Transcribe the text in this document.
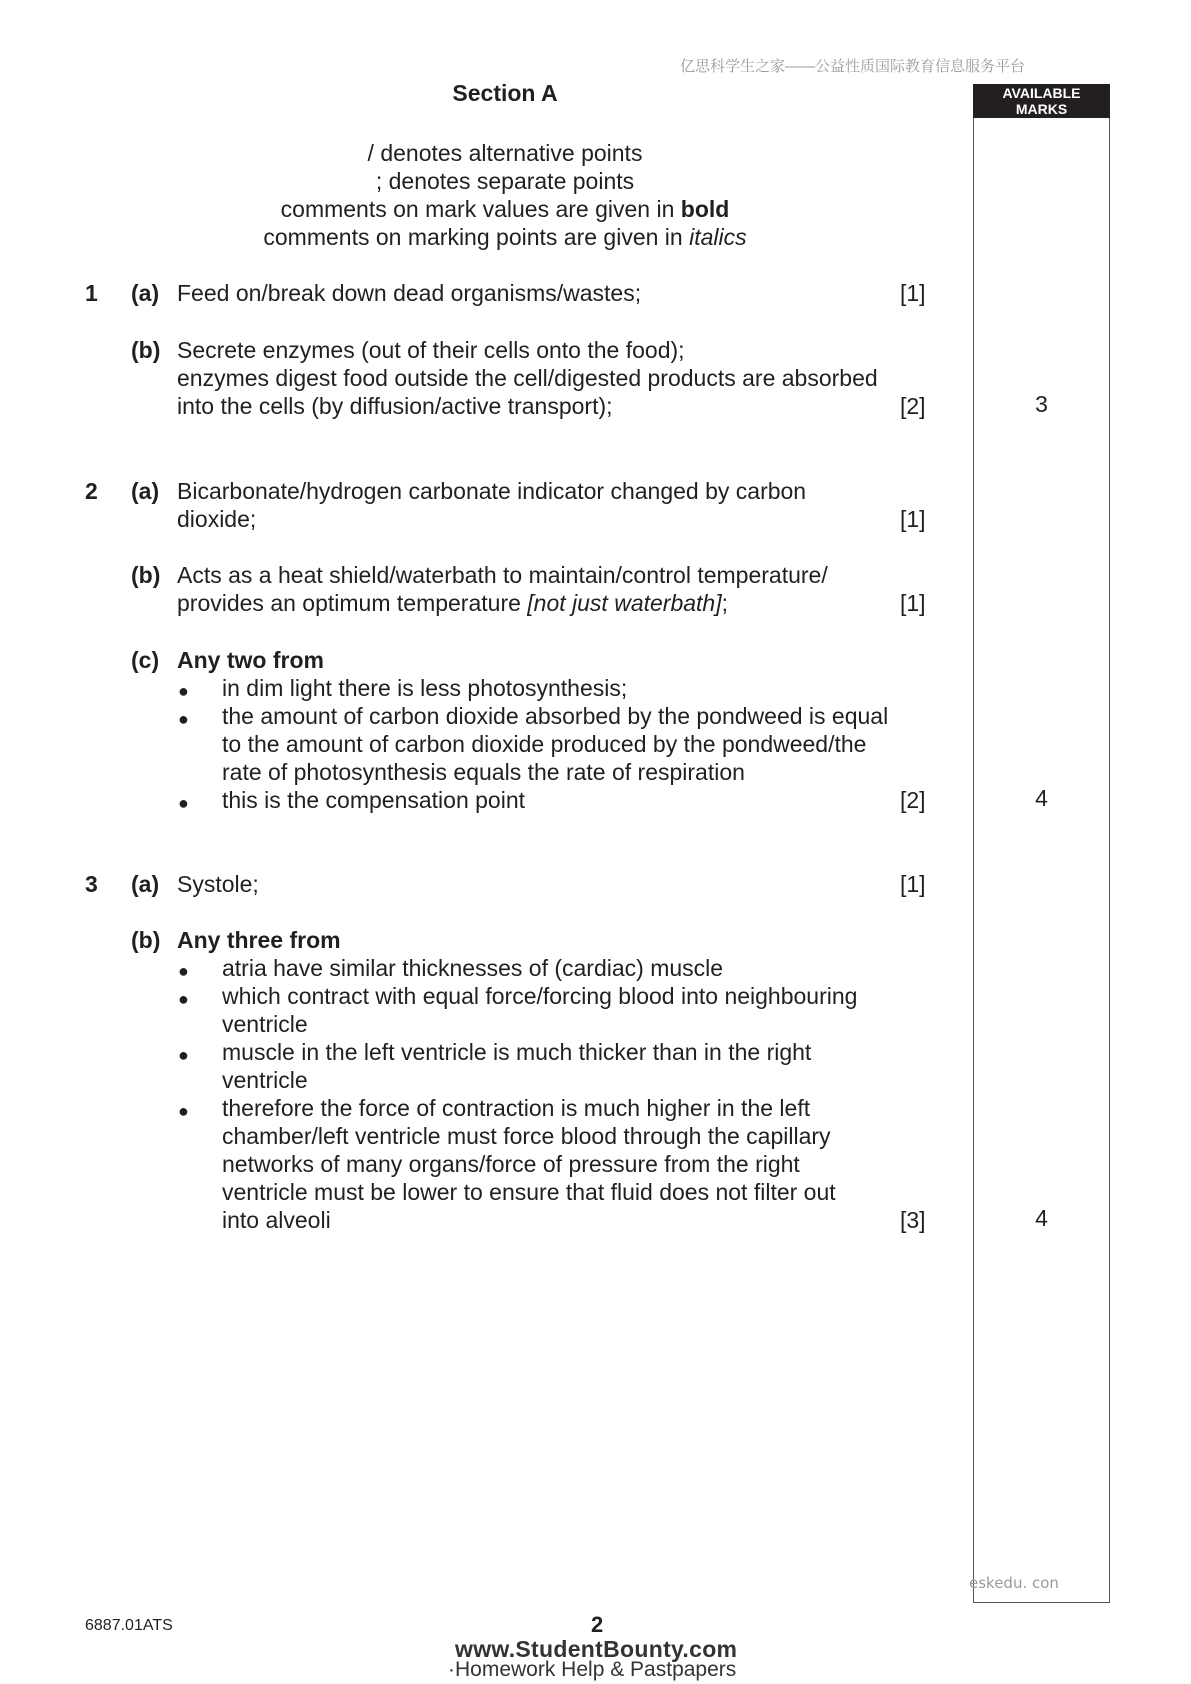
亿思科学生之家——公益性质国际教育信息服务平台
Section A	AVAILABLE
MARKS
/ denotes alternative points
; denotes separate points
comments on mark values are given in bold
comments on marking points are given in italics
1 (a) Feed on/break down dead organisms/wastes;	[1]
(b) Secrete enzymes (out of their cells onto the food);
enzymes digest food outside the cell/digested products are absorbed
into the cells (by diffusion/active transport);	[2]	3
2 (a) Bicarbonate/hydrogen carbonate indicator changed by carbon
dioxide;	[1]
(b) Acts as a heat shield/waterbath to maintain/control temperature/
provides an optimum temperature [not just waterbath];	[1]
(c) Any two from
● in dim light there is less photosynthesis;
● the amount of carbon dioxide absorbed by the pondweed is equal
to the amount of carbon dioxide produced by the pondweed/the
rate of photosynthesis equals the rate of respiration
● this is the compensation point	[2]	4
3 (a) Systole;	[1]
(b) Any three from
● atria have similar thicknesses of (cardiac) muscle
● which contract with equal force/forcing blood into neighbouring
ventricle
● muscle in the left ventricle is much thicker than in the right
ventricle
● therefore the force of contraction is much higher in the left
chamber/left ventricle must force blood through the capillary
networks of many organs/force of pressure from the right
ventricle must be lower to ensure that fluid does not filter out
into alveoli	[3]	4
eskedu. con
6887.01ATS	2
www.StudentBounty.com
·Homework Help & Pastpapers
